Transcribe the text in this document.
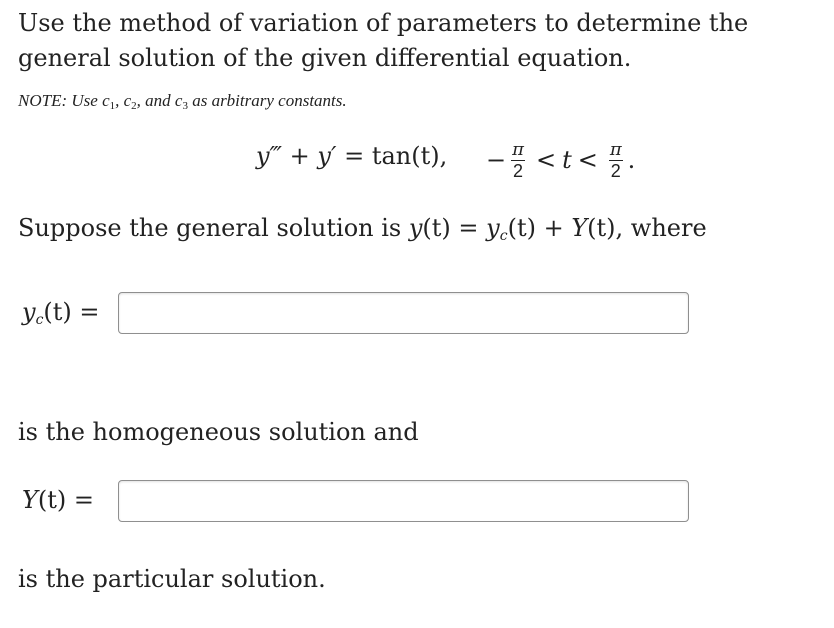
Use the method of variation of parameters to determine the general solution of the given differential equation.
NOTE: Use $c_1$, $c_2$, and $c_3$ as arbitrary constants.
y‴ + y′ = tan(t), − $\frac{\pi}{2} < t < \frac{\pi}{2}$ .
Suppose the general solution is $y(t) = y_c(t) + Y(t)$, where
$y_c(t)$ =
is the homogeneous solution and
Y(t) =
is the particular solution.
